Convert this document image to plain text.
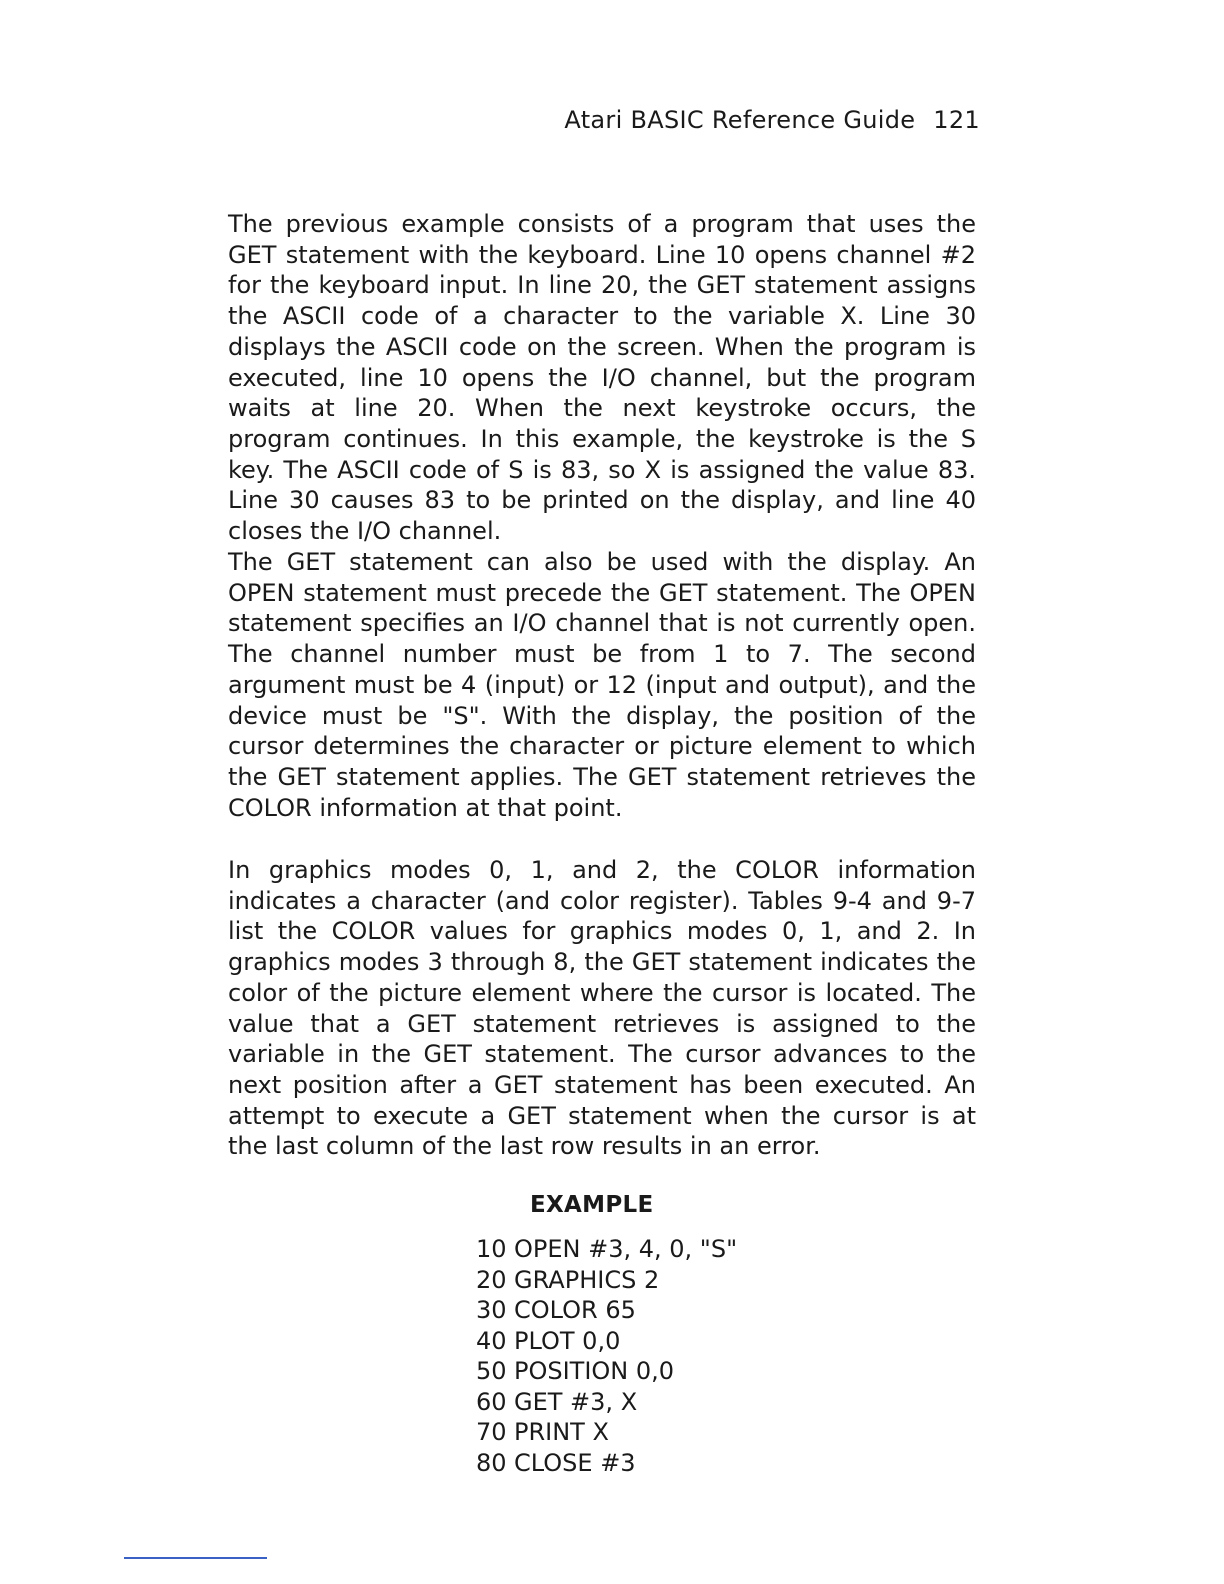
Atari BASIC Reference Guide 121

The previous example consists of a program that uses the GET statement with the keyboard. Line 10 opens channel #2 for the keyboard input. In line 20, the GET statement assigns the ASCII code of a character to the variable X. Line 30 displays the ASCII code on the screen. When the program is executed, line 10 opens the I/O channel, but the program waits at line 20. When the next keystroke occurs, the program continues. In this example, the keystroke is the S key. The ASCII code of S is 83, so X is assigned the value 83. Line 30 causes 83 to be printed on the display, and line 40 closes the I/O channel.

The GET statement can also be used with the display. An OPEN statement must precede the GET statement. The OPEN statement specifies an I/O channel that is not currently open. The channel number must be from 1 to 7. The second argument must be 4 (input) or 12 (input and output), and the device must be "S". With the display, the position of the cursor determines the character or picture element to which the GET statement applies. The GET statement retrieves the COLOR information at that point.

In graphics modes 0, 1, and 2, the COLOR information indicates a character (and color register). Tables 9-4 and 9-7 list the COLOR values for graphics modes 0, 1, and 2. In graphics modes 3 through 8, the GET statement indicates the color of the picture element where the cursor is located. The value that a GET statement retrieves is assigned to the variable in the GET statement. The cursor advances to the next position after a GET statement has been executed. An attempt to execute a GET statement when the cursor is at the last column of the last row results in an error.

EXAMPLE
10 OPEN #3, 4, 0, "S"
20 GRAPHICS 2
30 COLOR 65
40 PLOT 0,0
50 POSITION 0,0
60 GET #3, X
70 PRINT X
80 CLOSE #3
